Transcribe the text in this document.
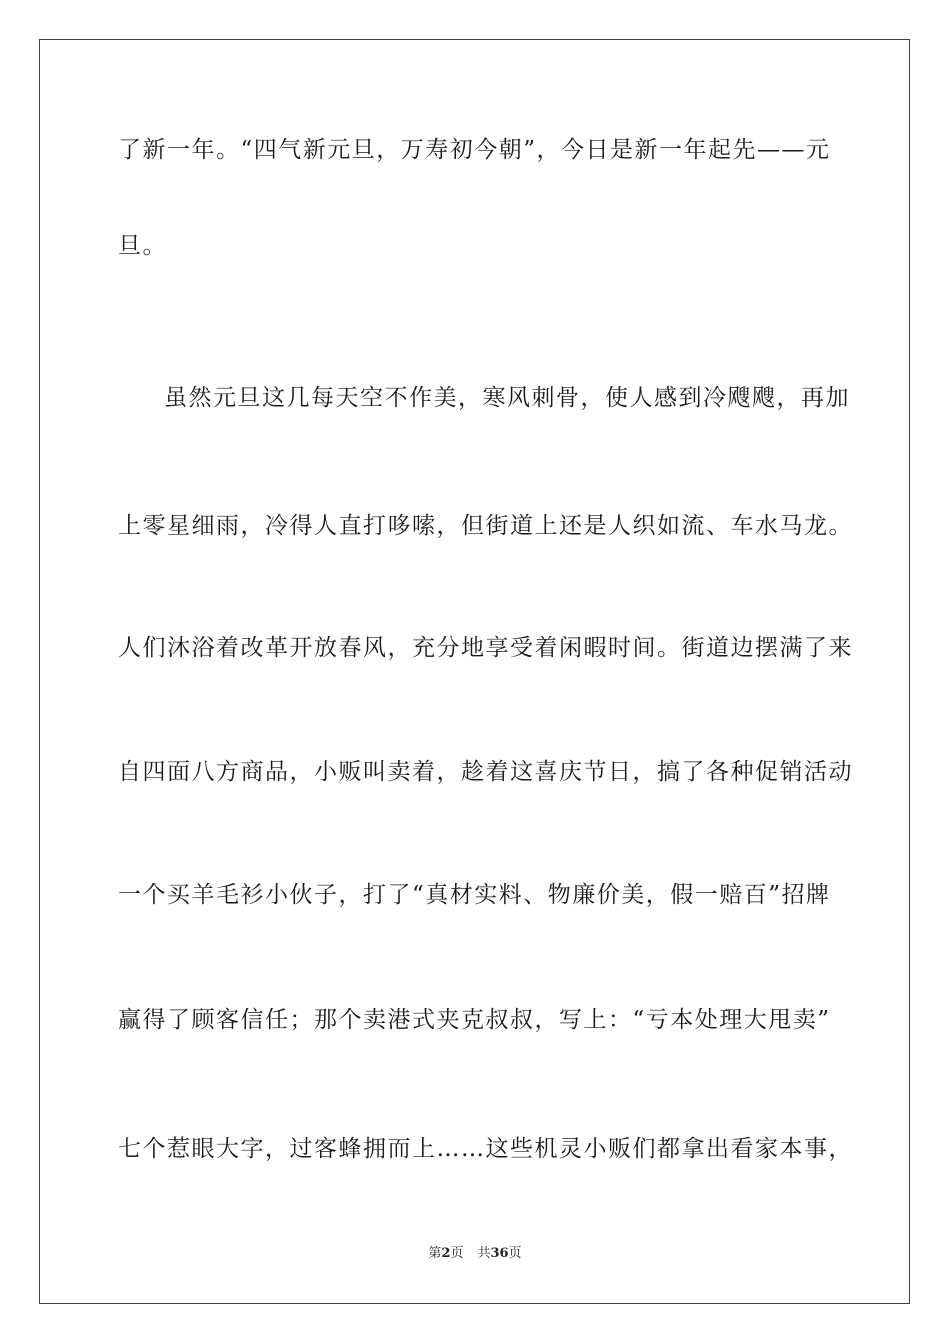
了新一年。“四气新元旦，万寿初今朝”，今日是新一年起先——元
旦。
虽然元旦这几每天空不作美，寒风刺骨，使人感到冷飕飕，再加
上零星细雨，冷得人直打哆嗦，但街道上还是人织如流、车水马龙。
人们沐浴着改革开放春风，充分地享受着闲暇时间。街道边摆满了来
自四面八方商品，小贩叫卖着，趁着这喜庆节日，搞了各种促销活动
一个买羊毛衫小伙子，打了“真材实料、物廉价美，假一赔百”招牌
赢得了顾客信任；那个卖港式夹克叔叔，写上：“亏本处理大甩卖”
七个惹眼大字，过客蜂拥而上……这些机灵小贩们都拿出看家本事，
第2页 共36页
